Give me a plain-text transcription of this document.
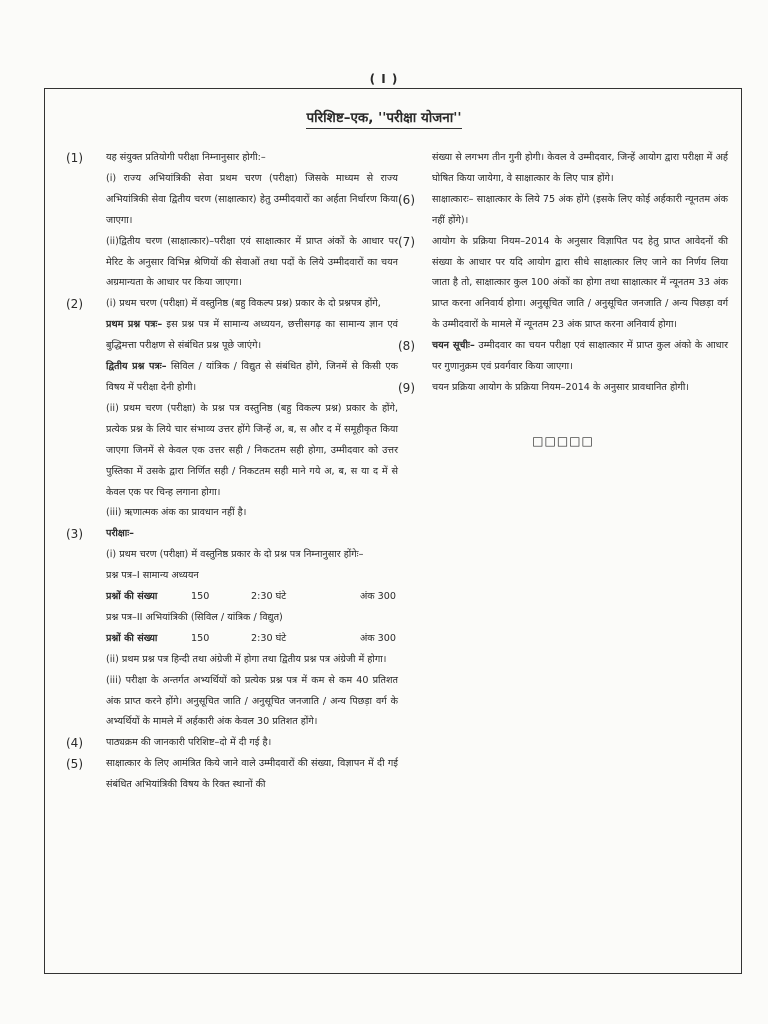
( I )
परिशिष्ट–एक, ''परीक्षा योजना''
(1) यह संयुक्त प्रतियोगी परीक्षा निम्नानुसार होगी:–

(i) राज्य अभियांत्रिकी सेवा प्रथम चरण (परीक्षा) जिसके माध्यम से राज्य अभियांत्रिकी सेवा द्वितीय चरण (साक्षात्कार) हेतु उम्मीदवारों का अर्हता निर्धारण किया जाएगा।

(ii)द्वितीय चरण (साक्षात्कार)–परीक्षा एवं साक्षात्कार में प्राप्त अंकों के आधार पर मेरिट के अनुसार विभिन्न श्रेणियों की सेवाओं तथा पदों के लिये उम्मीदवारों का चयन अग्रमान्यता के आधार पर किया जाएगा।

(2) (i) प्रथम चरण (परीक्षा) में वस्तुनिष्ठ (बहु विकल्प प्रश्न) प्रकार के दो प्रश्नपत्र होंगे,

प्रथम प्रश्न पत्रः– इस प्रश्न पत्र में सामान्य अध्ययन, छत्तीसगढ़ का सामान्य ज्ञान एवं बुद्धिमत्ता परीक्षण से संबंधित प्रश्न पूछे जाएंगे।

द्वितीय प्रश्न पत्रः– सिविल / यांत्रिक / विद्युत से संबंधित होंगे, जिनमें से किसी एक विषय में परीक्षा देनी होगी।

(ii) प्रथम चरण (परीक्षा) के प्रश्न पत्र वस्तुनिष्ठ (बहु विकल्प प्रश्न) प्रकार के होंगे, प्रत्येक प्रश्न के लिये चार संभाव्य उत्तर होंगे जिन्हें अ, ब, स और द में समूहीकृत किया जाएगा जिनमें से केवल एक उत्तर सही / निकटतम सही होगा, उम्मीदवार को उत्तर पुस्तिका में उसके द्वारा निर्णित सही / निकटतम सही माने गये अ, ब, स या द में से केवल एक पर चिन्ह लगाना होगा।

(iii) ऋणात्मक अंक का प्रावधान नहीं है।

(3) परीक्षाः–

(i) प्रथम चरण (परीक्षा) में वस्तुनिष्ठ प्रकार के दो प्रश्न पत्र निम्नानुसार होंगेः–

प्रश्न पत्र–I सामान्य अध्ययन

प्रश्नों की संख्या	150	2:30 घंटे	अंक 300

प्रश्न पत्र–II अभियांत्रिकी (सिविल / यांत्रिक / विद्युत)

प्रश्नों की संख्या	150	2:30 घंटे	अंक 300

(ii) प्रथम प्रश्न पत्र हिन्दी तथा अंग्रेजी में होगा तथा द्वितीय प्रश्न पत्र अंग्रेजी में होगा।

(iii) परीक्षा के अन्तर्गत अभ्यर्थियों को प्रत्येक प्रश्न पत्र में कम से कम 40 प्रतिशत अंक प्राप्त करने होंगे। अनुसूचित जाति / अनुसूचित जनजाति / अन्य पिछड़ा वर्ग के अभ्यर्थियों के मामले में अर्हकारी अंक केवल 30 प्रतिशत होंगे।

(4) पाठ्यक्रम की जानकारी परिशिष्ट–दो में दी गई है।

(5) साक्षात्कार के लिए आमंत्रित किये जाने वाले उम्मीदवारों की संख्या, विज्ञापन में दी गई संबंधित अभियांत्रिकी विषय के रिक्त स्थानों की

संख्या से लगभग तीन गुनी होगी। केवल वे उम्मीदवार, जिन्हें आयोग द्वारा परीक्षा में अर्ह घोषित किया जायेगा, वे साक्षात्कार के लिए पात्र होंगे।

(6) साक्षात्कारः– साक्षात्कार के लिये 75 अंक होंगे (इसके लिए कोई अर्हकारी न्यूनतम अंक नहीं होंगे)।

(7) आयोग के प्रक्रिया नियम–2014 के अनुसार विज्ञापित पद हेतु प्राप्त आवेदनों की संख्या के आधार पर यदि आयोग द्वारा सीधे साक्षात्कार लिए जाने का निर्णय लिया जाता है तो, साक्षात्कार कुल 100 अंकों का होगा तथा साक्षात्कार में न्यूनतम 33 अंक प्राप्त करना अनिवार्य होगा। अनुसूचित जाति / अनुसूचित जनजाति / अन्य पिछड़ा वर्ग के उम्मीदवारों के मामले में न्यूनतम 23 अंक प्राप्त करना अनिवार्य होगा।

(8) चयन सूचीः– उम्मीदवार का चयन परीक्षा एवं साक्षात्कार में प्राप्त कुल अंको के आधार पर गुणानुक्रम एवं प्रवर्गवार किया जाएगा।

(9) चयन प्रक्रिया आयोग के प्रक्रिया नियम–2014 के अनुसार प्रावधानित होगी।

□□□□□
